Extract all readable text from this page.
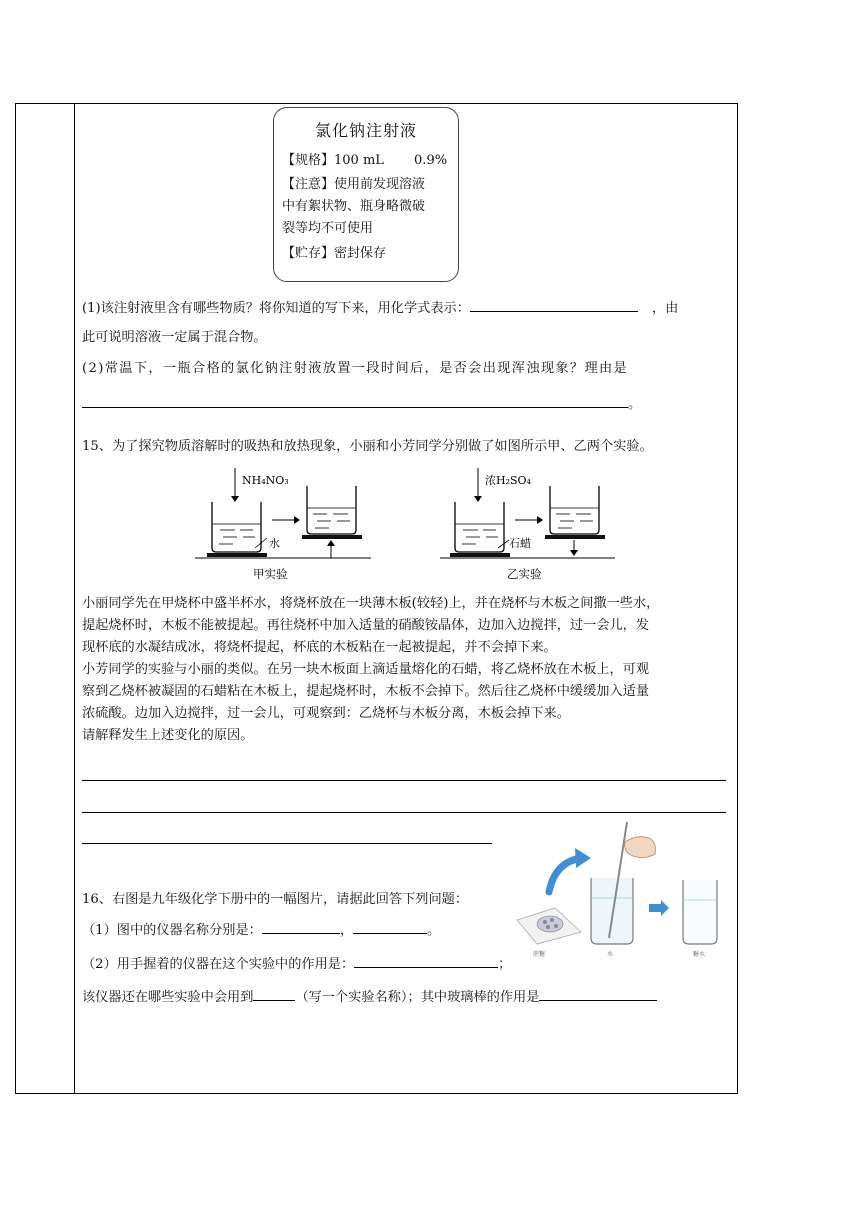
氯化钠注射液
【规格】100 mL　　 0.9%
【注意】使用前发现溶液
中有絮状物、瓶身略微破
裂等均不可使用
【贮存】密封保存
(1)该注射液里含有哪些物质？将你知道的写下来，用化学式表示：	，由
此可说明溶液一定属于混合物。
(2)常温下，一瓶合格的氯化钠注射液放置一段时间后，是否会出现浑浊现象？理由是
。
15、为了探究物质溶解时的吸热和放热现象，小丽和小芳同学分别做了如图所示甲、乙两个实验。
NH₄NO₃
水
甲实验
浓H₂SO₄
石蜡
乙实验
小丽同学先在甲烧杯中盛半杯水，将烧杯放在一块薄木板(较轻)上，并在烧杯与木板之间撒一些水，
提起烧杯时，木板不能被提起。再往烧杯中加入适量的硝酸铵晶体，边加入边搅拌，过一会儿，发
现杯底的水凝结成冰，将烧杯提起，杯底的木板粘在一起被提起，并不会掉下来。
小芳同学的实验与小丽的类似。在另一块木板面上滴适量熔化的石蜡，将乙烧杯放在木板上，可观
察到乙烧杯被凝固的石蜡粘在木板上，提起烧杯时，木板不会掉下。然后往乙烧杯中缓缓加入适量
浓硫酸。边加入边搅拌，过一会儿，可观察到：乙烧杯与木板分离，木板会掉下来。
请解释发生上述变化的原因。
16、右图是九年级化学下册中的一幅图片，请据此回答下列问题：
（1）图中的仪器名称分别是：	，	。
（2）用手握着的仪器在这个实验中的作用是：	；
该仪器还在哪些实验中会用到	（写一个实验名称）；其中玻璃棒的作用是
蔗糖	水	糖水
